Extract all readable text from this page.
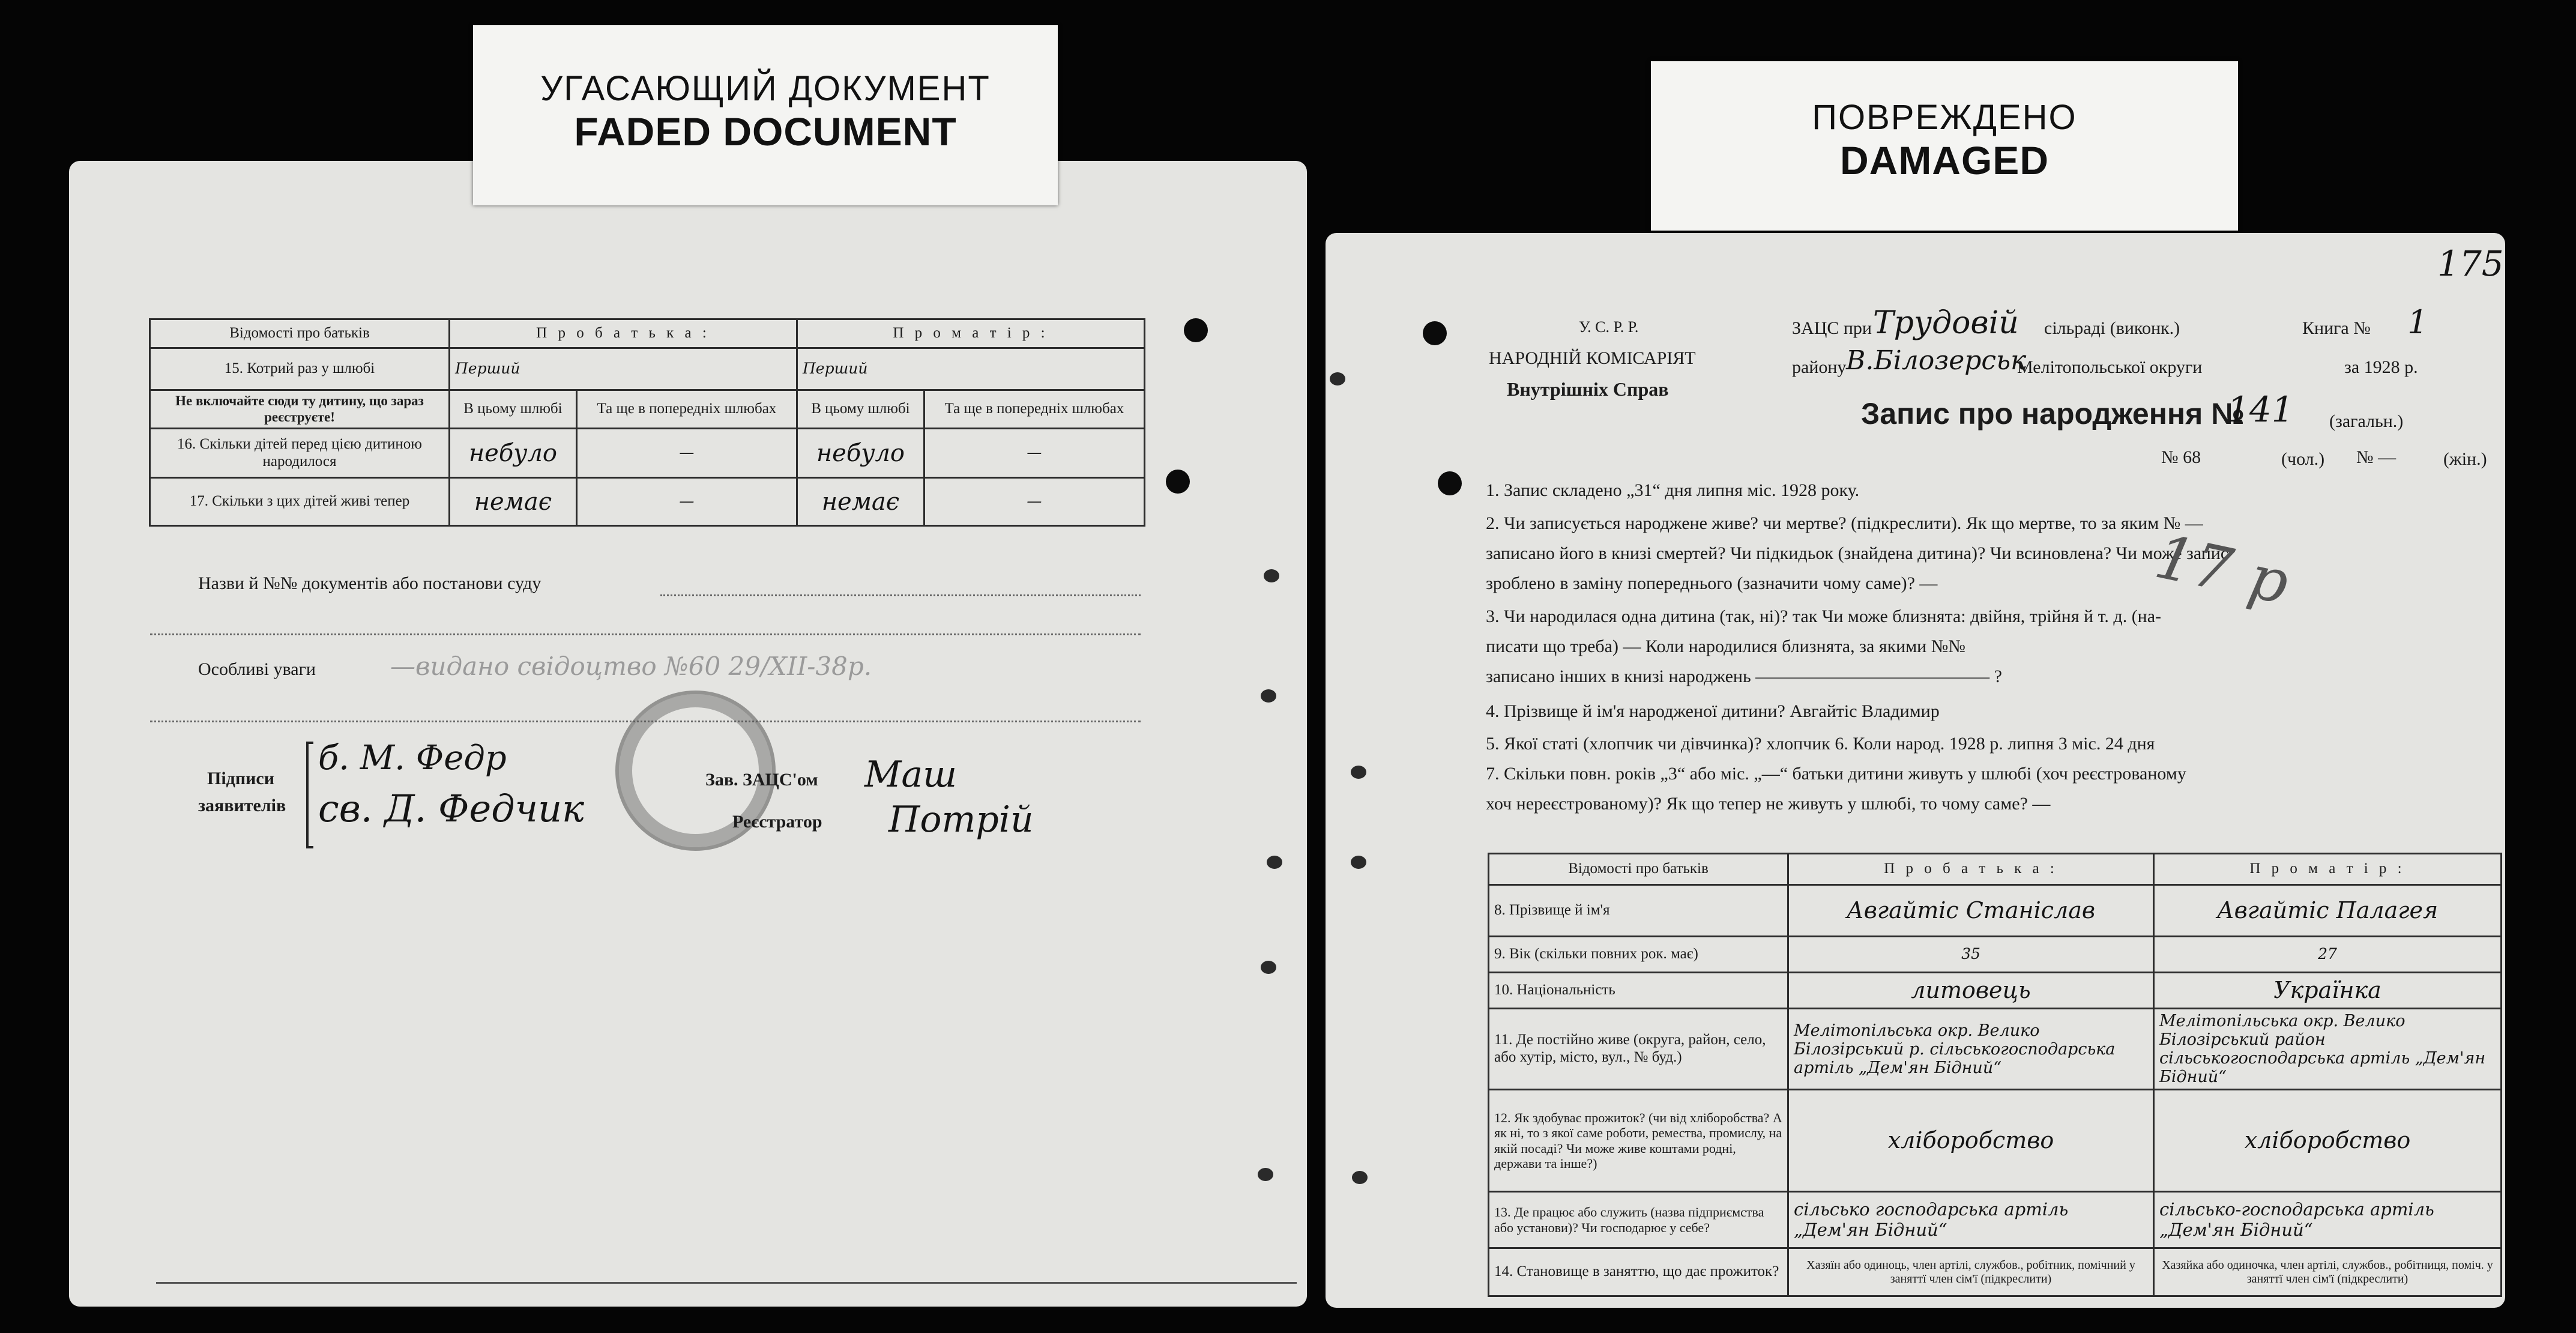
УГАСАЮЩИЙ ДОКУМЕНТ
FADED DOCUMENT	ПОВРЕЖДЕНО
DAMAGED
Відомості про батьків	П р о б а т ь к а :		П р о м а т і р :	
15. Котрий раз у шлюбі	Перший		Перший	
Не включайте сюди ту дитину, що зараз реєструєте!	В цьому шлюбі	Та ще в попередніх шлюбах	В цьому шлюбі	Та ще в попередніх шлюбах
16. Скільки дітей перед цією дитиною народилося	небуло	—	небуло	—
17. Скільки з цих дітей живі тепер	немає	—	немає	—
Назви й №№ документів або постанови суду
Особливі уваги	—видано свідоцтво №60 29/XII-38р.
Підписи
заявителів
б. М. Федр
св. Д. Федчик
Зав. ЗАЦС'ом
Реєстратор
Маш
Потрій
175
У. С. Р. Р.
НАРОДНІЙ КОМІСАРІЯТ
Внутрішніх Справ
ЗАЦС при Трудовій сільраді (виконк.)	Книга № 1
району В.Білозерськ
Мелітопольської округи	за 1928 р.
Запис про народження №
141 (загальн.)
№ 68	(чол.) № —	(жін.)
1. Запис складено „31“ дня липня міс. 1928 року.
2. Чи записується народжене живе? чи мертве? (підкреслити). Як що мертве, то за яким № —
записано його в книзі смертей? Чи підкидьок (знайдена дитина)? Чи всиновлена? Чи може запис
зроблено в заміну попереднього (зазначити чому саме)? —	17 р
3. Чи народилася одна дитина (так, ні)? так Чи може близнята: двійня, трійня й т. д. (на-
писати що треба) — Коли народилися близнята, за якими №№
записано інших в книзі народжень ————————————— ?
4. Прізвище й ім'я народженої дитини? Авгайтіс Владимир
5. Якої статі (хлопчик чи дівчинка)? хлопчик 6. Коли народ. 1928 р. липня 3 міс. 24 дня
7. Скільки повн. років „3“ або міс. „—“ батьки дитини живуть у шлюбі (хоч реєстрованому
хоч нереєстрованому)? Як що тепер не живуть у шлюбі, то чому саме? —
Відомості про батьків	П р о б а т ь к а :	П р о м а т і р :
8. Прізвище й ім'я	Авгайтіс Станіслав	Авгайтіс Палагея
9. Вік (скільки повних рок. має)	35	27
10. Національність	литовець	Українка
11. Де постійно живе (округа, район, село, або хутір, місто, вул., № буд.)	Мелітопільська окр. Велико Білозірський р. сільськогосподарська артіль „Дем'ян Бідний“	Мелітопільська окр. Велико Білозірський район сільськогосподарська артіль „Дем'ян Бідний“
12. Як здобуває прожиток? (чи від хліборобства? А як ні, то з якої саме роботи, ремества, промислу, на якій посаді? Чи може живе коштами родні, держави та інше?)	хліборобство	хліборобство
13. Де працює або служить (назва підприємства або установи)? Чи господарює у себе?	сільсько господарська артіль „Дем'ян Бідний“	сільсько-господарська артіль „Дем'ян Бідний“
14. Становище в заняттю, що дає прожиток?	Хазяїн або одиноць, член артілі, службов., робітник, помічний у заняттї член сім'ї (підкреслити)	Хазяйка або одиночка, член артілі, службов., робітниця, поміч. у заняттї член сім'ї (підкреслити)
